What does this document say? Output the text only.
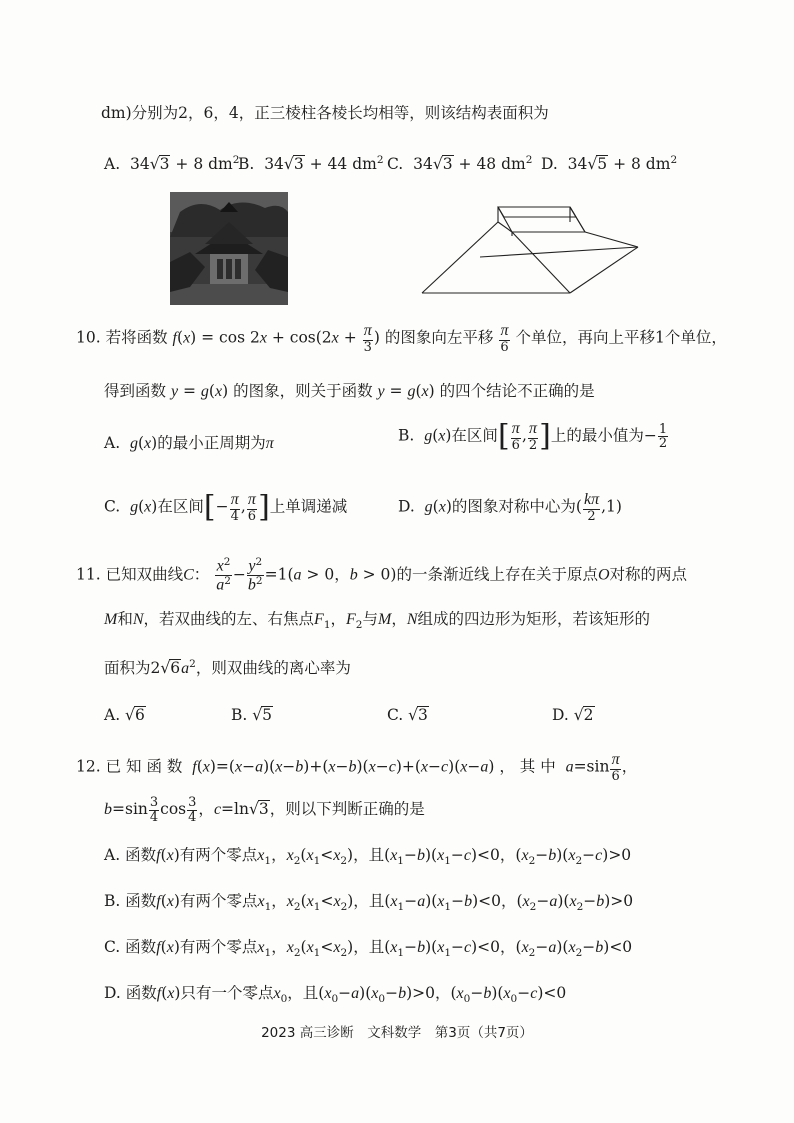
dm)分别为2，6，4，正三棱柱各棱长均相等，则该结构表面积为
A. 34√3 + 8 $dm^2$
B. 34√3 + 44 $dm^2$ C. 34√3 + 48 $dm^2$ D. 34√5 + 8 $dm^2$
10. 若将函数 $f(x) = \cos 2x + \cos(2x + \frac{\pi}{3}$ ) 的图象向左平移 $\frac{\pi}{6}$ 个单位，再向上平移1个单位，
得到函数 y = g(x) 的图象，则关于函数 y = g(x) 的四个结论不正确的是
A. g(x)的最小正周期为π	B. g(x)在区间[ $\frac{\pi}{6}$ , $\frac{\pi}{2}$ ]上的最小值为− $\frac{1}{2}$
C. g(x)在区间[− $\frac{\pi}{4}$ , $\frac{\pi}{6}$ ]上单调递减	D. g(x)的图象对称中心为( $\frac{k\pi}{2} ,1$)
11. 已知双曲线C： $\frac{x^2}{a^2} - \frac{y^2}{b^2} =1(a > 0$，b > 0)的一条渐近线上存在关于原点O对称的两点
M和N，若双曲线的左、右焦点$F_1$，$F_2$与M，N组成的四边形为矩形，若该矩形的
面积为$2√6a^2$，则双曲线的离心率为
A. √6	B. √5	C. √3	D. √2
12. 已 知 函 数 f(x)=(x−a)(x−b)+(x−b)(x−c)+(x−c)(x−a) ， 其 中 $a=\sin \frac{\pi}{6}$ ，
$b=\sin \frac{3}{4}$ $\cos \frac{3}{4}$ ，c=ln√3，则以下判断正确的是
A. 函数f(x)有两个零点$x_1$，$x_2(x_1<x_2)$，且$(x_1-b)(x_1-c)<0$，$(x_2-b)(x_2-c)>0$
B. 函数f(x)有两个零点$x_1$，$x_2(x_1<x_2)$，且$(x_1-a)(x_1-b)<0$，$(x_2-a)(x_2-b)>0$
C. 函数f(x)有两个零点$x_1$，$x_2(x_1<x_2)$，且$(x_1-b)(x_1-c)<0$，$(x_2-a)(x_2-b)<0$
D. 函数f(x)只有一个零点$x_0$，且$(x_0-a)(x_0-b)>0$，$(x_0-b)(x_0-c)<0$
2023 高三诊断　文科数学　第3页（共7页）
